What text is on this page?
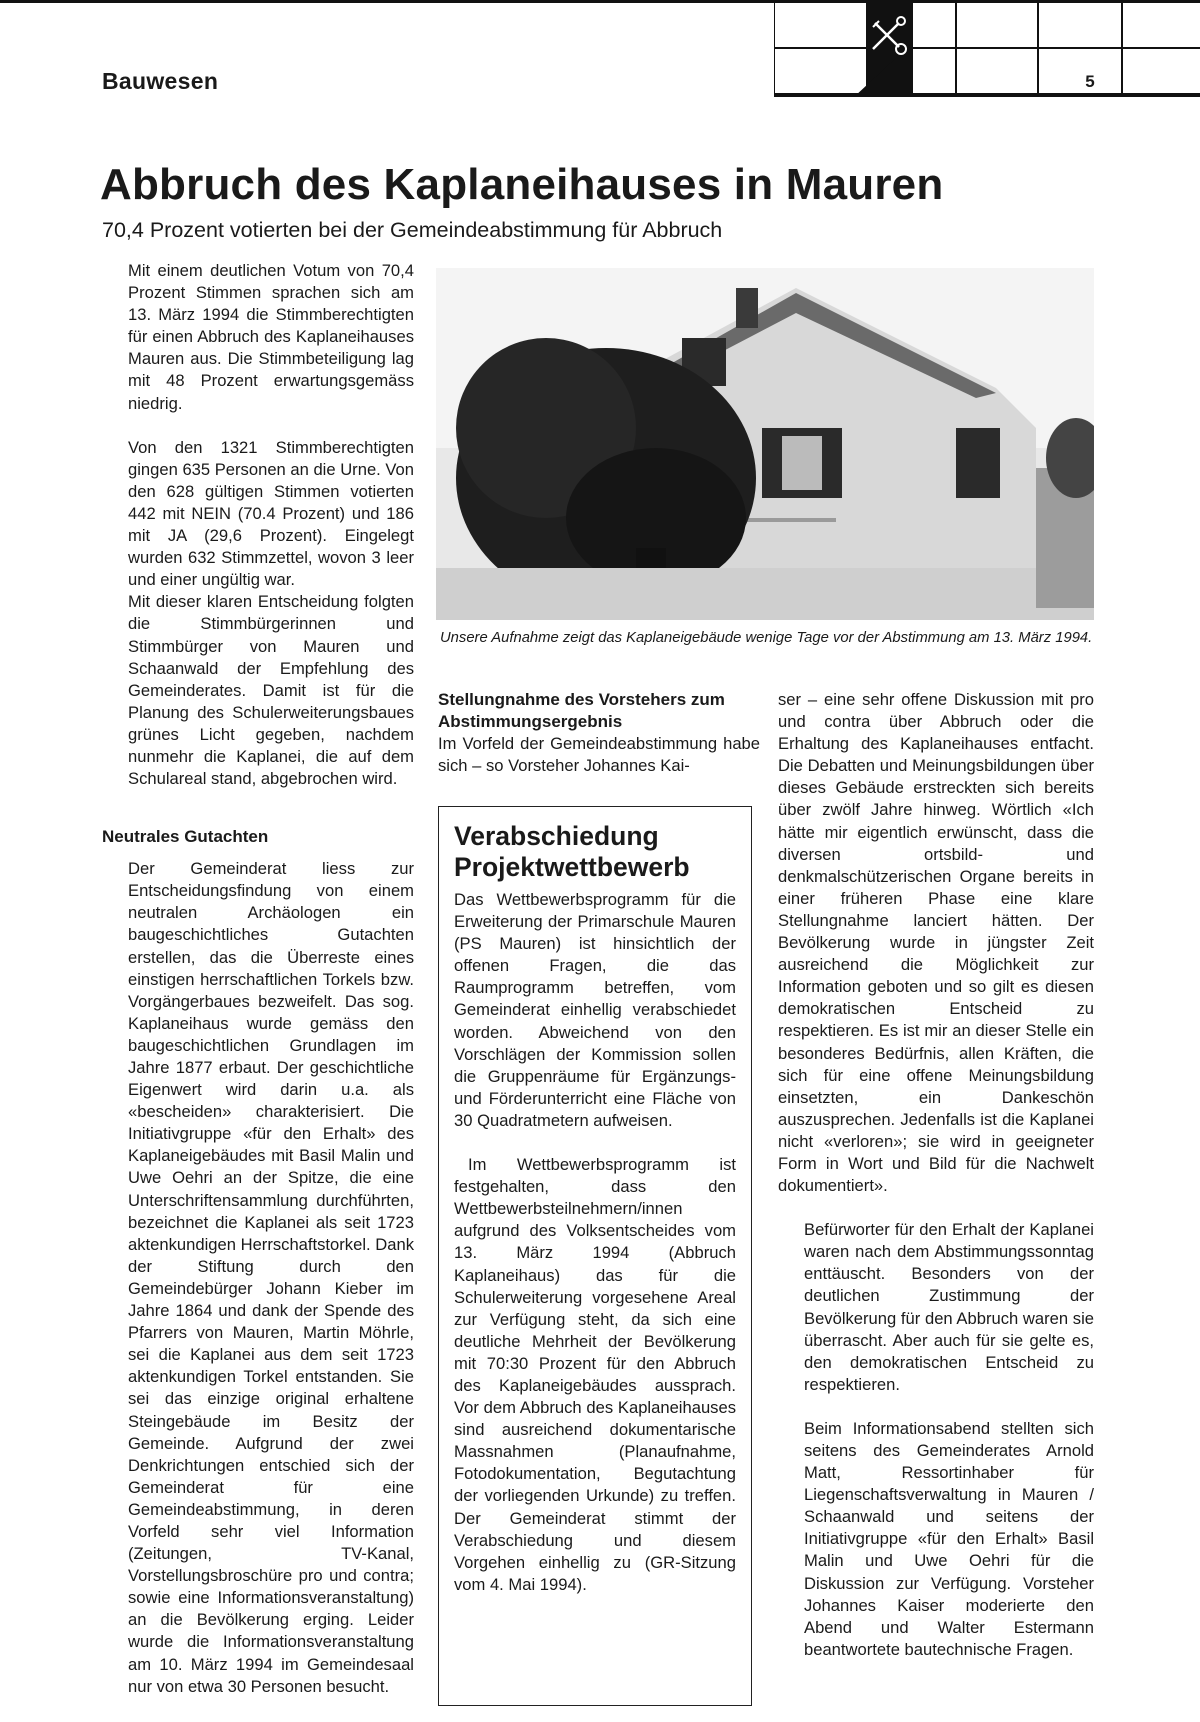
Bauwesen	5
Abbruch des Kaplaneihauses in Mauren
70,4 Prozent votierten bei der Gemeindeabstimmung für Abbruch

Mit einem deutlichen Votum von 70,4 Prozent Stimmen sprachen sich am 13. März 1994 die Stimmberechtigten für einen Abbruch des Kaplaneihauses Mauren aus. Die Stimmbeteiligung lag mit 48 Prozent erwartungsgemäss niedrig.

Von den 1321 Stimmberechtigten gingen 635 Personen an die Urne. Von den 628 gültigen Stimmen votierten 442 mit NEIN (70.4 Prozent) und 186 mit JA (29,6 Prozent). Eingelegt wurden 632 Stimmzettel, wovon 3 leer und einer ungültig war.

Mit dieser klaren Entscheidung folgten die Stimmbürgerinnen und Stimmbürger von Mauren und Schaanwald der Empfehlung des Gemeinderates. Damit ist für die Planung des Schulerweiterungsbaues grünes Licht gegeben, nachdem nunmehr die Kaplanei, die auf dem Schulareal stand, abgebrochen wird.

Neutrales Gutachten

Der Gemeinderat liess zur Entscheidungsfindung von einem neutralen Archäologen ein baugeschichtliches Gutachten erstellen, das die Überreste eines einstigen herrschaftlichen Torkels bzw. Vorgängerbaues bezweifelt. Das sog. Kaplaneihaus wurde gemäss den baugeschichtlichen Grundlagen im Jahre 1877 erbaut. Der geschichtliche Eigenwert wird darin u.a. als «bescheiden» charakterisiert. Die Initiativgruppe «für den Erhalt» des Kaplaneigebäudes mit Basil Malin und Uwe Oehri an der Spitze, die eine Unterschriftensammlung durchführten, bezeichnet die Kaplanei als seit 1723 aktenkundigen Herrschaftstorkel. Dank der Stiftung durch den Gemeindebürger Johann Kieber im Jahre 1864 und dank der Spende des Pfarrers von Mauren, Martin Möhrle, sei die Kaplanei aus dem seit 1723 aktenkundigen Torkel entstanden. Sie sei das einzige original erhaltene Steingebäude im Besitz der Gemeinde. Aufgrund der zwei Denkrichtungen entschied sich der Gemeinderat für eine Gemeindeabstimmung, in deren Vorfeld sehr viel Information (Zeitungen, TV-Kanal, Vorstellungsbroschüre pro und contra; sowie eine Informationsveranstaltung) an die Bevölkerung erging. Leider wurde die Informationsveranstaltung am 10. März 1994 im Gemeindesaal nur von etwa 30 Personen besucht.

Unsere Aufnahme zeigt das Kaplaneigebäude wenige Tage vor der Abstimmung am 13. März 1994.

Stellungnahme des Vorstehers zum Abstimmungsergebnis

Im Vorfeld der Gemeindeabstimmung habe sich – so Vorsteher Johannes Kai-

Verabschiedung Projektwettbewerb

Das Wettbewerbsprogramm für die Erweiterung der Primarschule Mauren (PS Mauren) ist hinsichtlich der offenen Fragen, die das Raumprogramm betreffen, vom Gemeinderat einhellig verabschiedet worden. Abweichend von den Vorschlägen der Kommission sollen die Gruppenräume für Ergänzungs- und Förderunterricht eine Fläche von 30 Quadratmetern aufweisen.

Im Wettbewerbsprogramm ist festgehalten, dass den Wettbewerbsteilnehmern/innen aufgrund des Volksentscheides vom 13. März 1994 (Abbruch Kaplaneihaus) das für die Schulerweiterung vorgesehene Areal zur Verfügung steht, da sich eine deutliche Mehrheit der Bevölkerung mit 70:30 Prozent für den Abbruch des Kaplaneigebäudes aussprach. Vor dem Abbruch des Kaplaneihauses sind ausreichend dokumentarische Massnahmen (Planaufnahme, Fotodokumentation, Begutachtung der vorliegenden Urkunde) zu treffen. Der Gemeinderat stimmt der Verabschiedung und diesem Vorgehen einhellig zu (GR-Sitzung vom 4. Mai 1994).

ser – eine sehr offene Diskussion mit pro und contra über Abbruch oder die Erhaltung des Kaplaneihauses entfacht. Die Debatten und Meinungsbildungen über dieses Gebäude erstreckten sich bereits über zwölf Jahre hinweg. Wörtlich «Ich hätte mir eigentlich erwünscht, dass die diversen ortsbild- und denkmalschützerischen Organe bereits in einer früheren Phase eine klare Stellungnahme lanciert hätten. Der Bevölkerung wurde in jüngster Zeit ausreichend die Möglichkeit zur Information geboten und so gilt es diesen demokratischen Entscheid zu respektieren. Es ist mir an dieser Stelle ein besonderes Bedürfnis, allen Kräften, die sich für eine offene Meinungsbildung einsetzten, ein Dankeschön auszusprechen. Jedenfalls ist die Kaplanei nicht «verloren»; sie wird in geeigneter Form in Wort und Bild für die Nachwelt dokumentiert».

Befürworter für den Erhalt der Kaplanei waren nach dem Abstimmungssonntag enttäuscht. Besonders von der deutlichen Zustimmung der Bevölkerung für den Abbruch waren sie überrascht. Aber auch für sie gelte es, den demokratischen Entscheid zu respektieren.

Beim Informationsabend stellten sich seitens des Gemeinderates Arnold Matt, Ressortinhaber für Liegenschaftsverwaltung in Mauren / Schaanwald und seitens der Initiativgruppe «für den Erhalt» Basil Malin und Uwe Oehri für die Diskussion zur Verfügung. Vorsteher Johannes Kaiser moderierte den Abend und Walter Estermann beantwortete bautechnische Fragen.
